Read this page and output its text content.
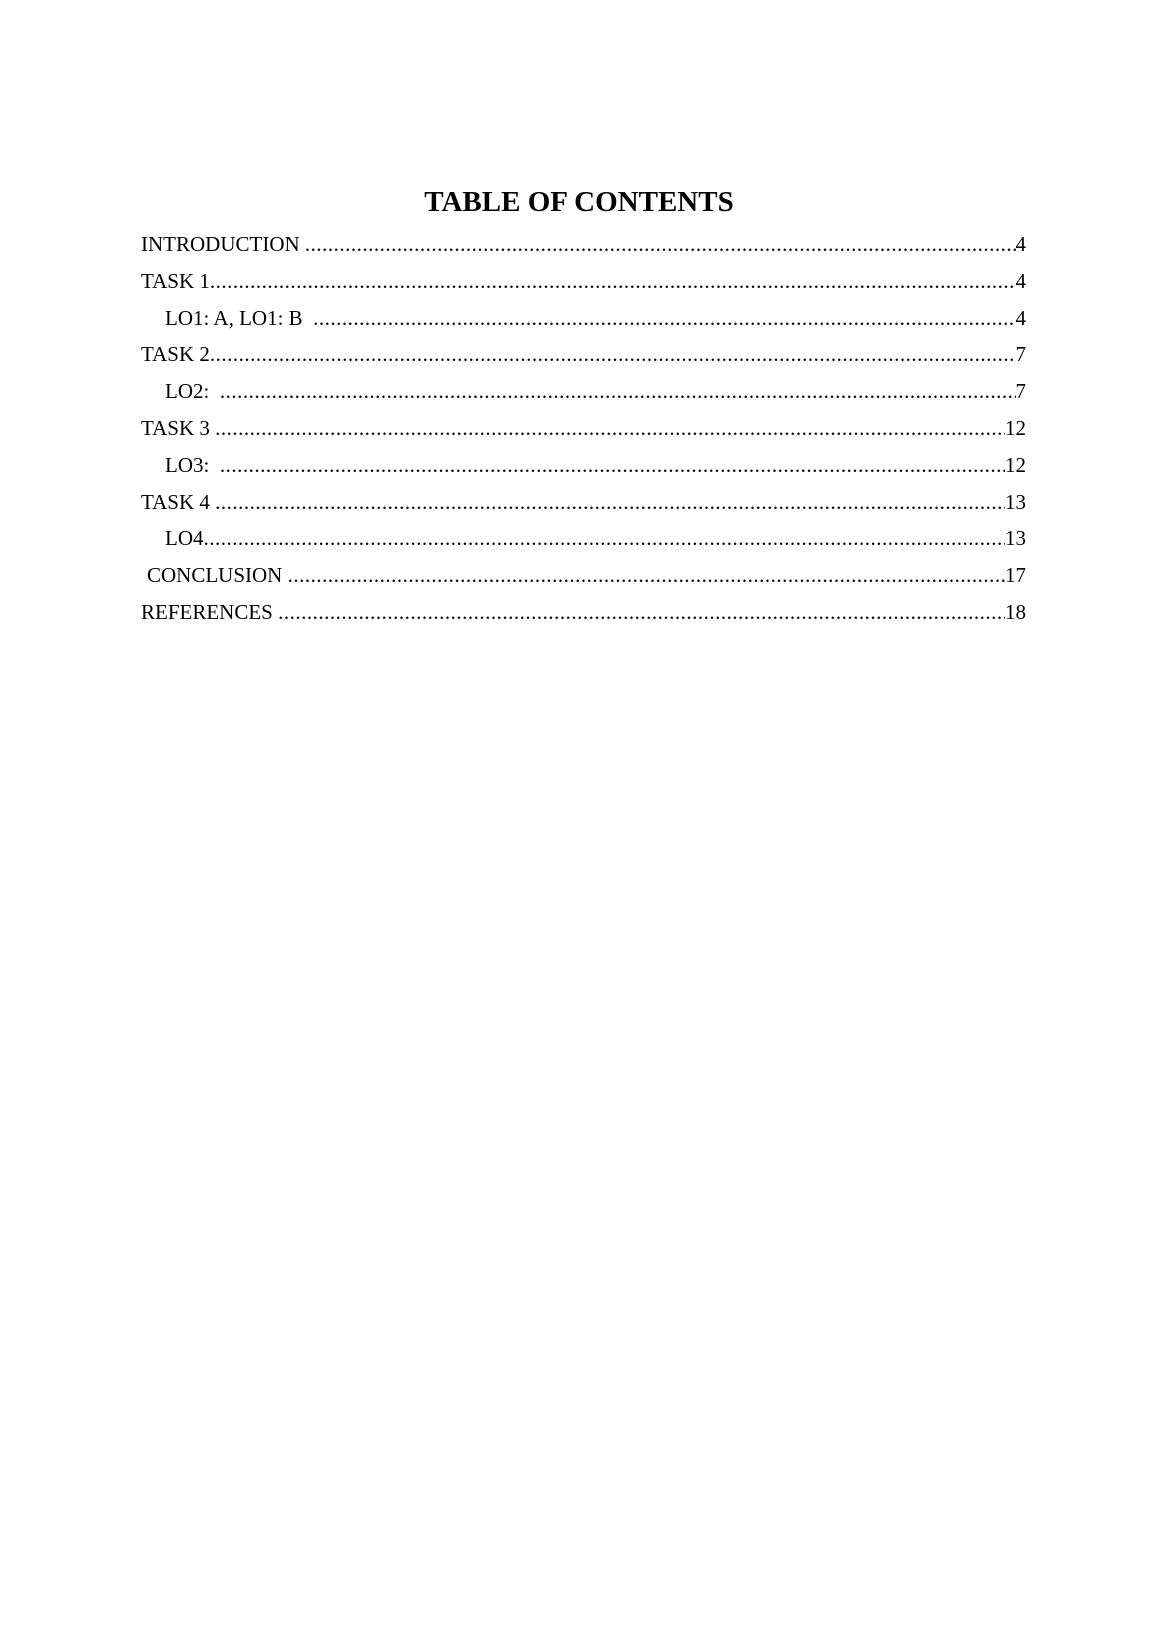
TABLE OF CONTENTS
INTRODUCTION .....	4
TASK 1 .....	4
LO1: A, LO1: B .....	4
TASK 2 .....	7
LO2: .....	7
TASK 3 .....	12
LO3: .....	12
TASK 4 .....	13
LO4 .....	13
CONCLUSION .....	17
REFERENCES .....	18
